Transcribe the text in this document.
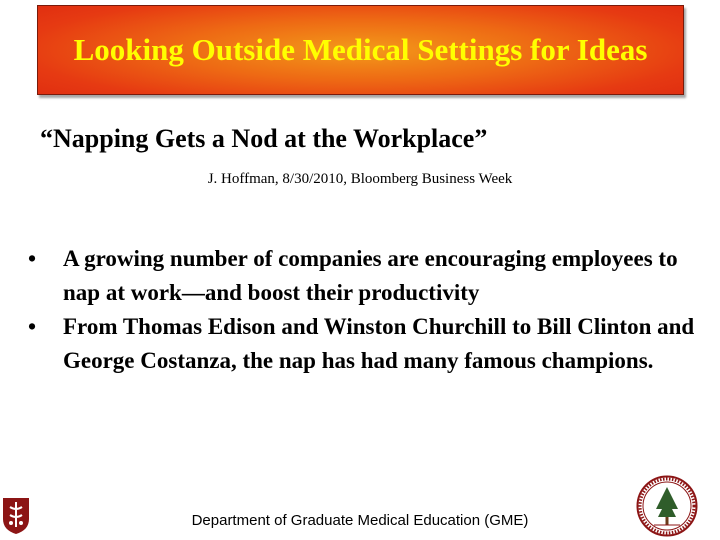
Looking Outside Medical Settings for Ideas

“Napping Gets a Nod at the Workplace”

J. Hoffman, 8/30/2010, Bloomberg Business Week

• A growing number of companies are encouraging employees to nap at work—and boost their productivity
• From Thomas Edison and Winston Churchill to Bill Clinton and George Costanza, the nap has had many famous champions.

Department of Graduate Medical Education (GME)
